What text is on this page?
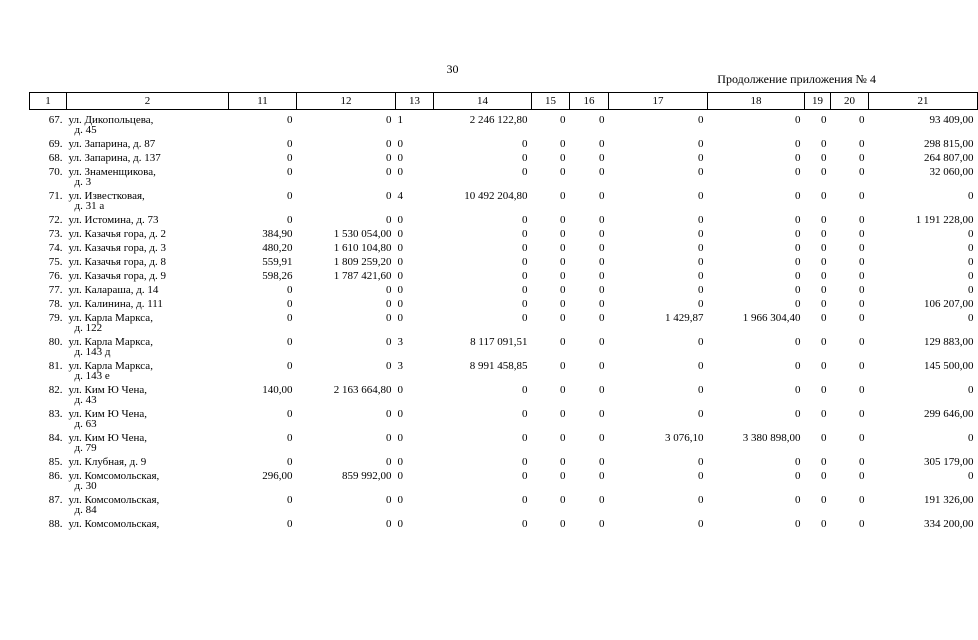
30
Продолжение приложения № 4
1	2	11	12	13	14	15	16	17	18	19	20	21
67.	ул. Дикопольцева,
д. 45	0	0	1	2 246 122,80	0	0	0	0	0	0	93 409,00
69.	ул. Запарина, д. 87	0	0	0	0	0	0	0	0	0	0	298 815,00
68.	ул. Запарина, д. 137	0	0	0	0	0	0	0	0	0	0	264 807,00
70.	ул. Знаменщикова,
д. 3	0	0	0	0	0	0	0	0	0	0	32 060,00
71.	ул. Известковая,
д. 31 а	0	0	4	10 492 204,80	0	0	0	0	0	0	0
72.	ул. Истомина, д. 73	0	0	0	0	0	0	0	0	0	0	1 191 228,00
73.	ул. Казачья гора, д. 2	384,90	1 530 054,00	0	0	0	0	0	0	0	0	0
74.	ул. Казачья гора, д. 3	480,20	1 610 104,80	0	0	0	0	0	0	0	0	0
75.	ул. Казачья гора, д. 8	559,91	1 809 259,20	0	0	0	0	0	0	0	0	0
76.	ул. Казачья гора, д. 9	598,26	1 787 421,60	0	0	0	0	0	0	0	0	0
77.	ул. Калараша, д. 14	0	0	0	0	0	0	0	0	0	0	0
78.	ул. Калинина, д. 111	0	0	0	0	0	0	0	0	0	0	106 207,00
79.	ул. Карла Маркса,
д. 122	0	0	0	0	0	0	1 429,87	1 966 304,40	0	0	0
80.	ул. Карла Маркса,
д. 143 д	0	0	3	8 117 091,51	0	0	0	0	0	0	129 883,00
81.	ул. Карла Маркса,
д. 143 е	0	0	3	8 991 458,85	0	0	0	0	0	0	145 500,00
82.	ул. Ким Ю Чена,
д. 43	140,00	2 163 664,80	0	0	0	0	0	0	0	0	0
83.	ул. Ким Ю Чена,
д. 63	0	0	0	0	0	0	0	0	0	0	299 646,00
84.	ул. Ким Ю Чена,
д. 79	0	0	0	0	0	0	3 076,10	3 380 898,00	0	0	0
85.	ул. Клубная, д. 9	0	0	0	0	0	0	0	0	0	0	305 179,00
86.	ул. Комсомольская,
д. 30	296,00	859 992,00	0	0	0	0	0	0	0	0	0
87.	ул. Комсомольская,
д. 84	0	0	0	0	0	0	0	0	0	0	191 326,00
88.	ул. Комсомольская,	0	0	0	0	0	0	0	0	0	0	334 200,00
